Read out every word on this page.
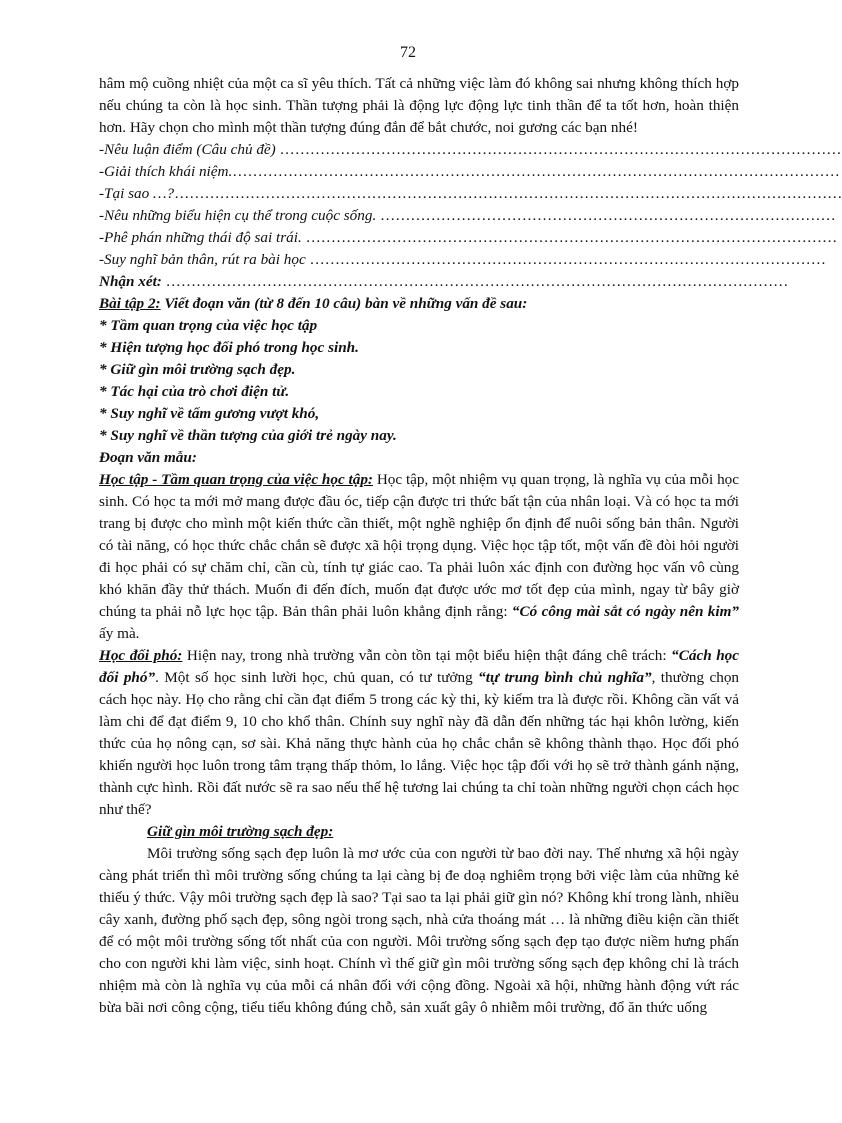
72

hâm mộ cuồng nhiệt của một ca sĩ yêu thích. Tất cả những việc làm đó không sai nhưng không thích hợp nếu chúng ta còn là học sinh. Thần tượng phải là động lực động lực tinh thần để ta tốt hơn, hoàn thiện hơn. Hãy chọn cho mình một thần tượng đúng đắn để bắt chước, noi gương các bạn nhé!

-Nêu luận điểm (Câu chủ đề) …………………………………………………………………………………………………

-Giải thích khái niệm.…………………………………………………………………………………………………………

-Tại sao …?……………………………………………………………………………………………………………………

-Nêu những biểu hiện cụ thể trong cuộc sống. ………………………………………………………………………………

-Phê phán những thái độ sai trái. ……………………………………………………………………………………………

-Suy nghĩ bản thân, rút ra bài học …………………………………………………………………………………………

Nhận xét: ……………………………………………………………………………………………………………

Bài tập 2: Viết đoạn văn (từ 8 đến 10 câu) bàn về những vấn đề sau:

* Tầm quan trọng của việc học tập

* Hiện tượng học đối phó trong học sinh.

* Giữ gìn môi trường sạch đẹp.

* Tác hại của trò chơi điện tử.

* Suy nghĩ về tấm gương vượt khó,

* Suy nghĩ về thần tượng của giới trẻ ngày nay.

Đoạn văn mẫu:

Học tập - Tầm quan trọng của việc học tập: Học tập, một nhiệm vụ quan trọng, là nghĩa vụ của mỗi học sinh. Có học ta mới mở mang được đầu óc, tiếp cận được tri thức bất tận của nhân loại. Và có học ta mới trang bị được cho mình một kiến thức cần thiết, một nghề nghiệp ổn định để nuôi sống bản thân. Người có tài năng, có học thức chắc chắn sẽ được xã hội trọng dụng. Việc học tập tốt, một vấn đề đòi hỏi người đi học phải có sự chăm chỉ, cần cù, tính tự giác cao. Ta phải luôn xác định con đường học vấn vô cùng khó khăn đầy thử thách. Muốn đi đến đích, muốn đạt được ước mơ tốt đẹp của mình, ngay từ bây giờ chúng ta phải nỗ lực học tập. Bản thân phải luôn khẳng định rằng: “Có công mài sắt có ngày nên kim” ấy mà.

Học đối phó: Hiện nay, trong nhà trường vẫn còn tồn tại một biểu hiện thật đáng chê trách: “Cách học đối phó”. Một số học sinh lười học, chủ quan, có tư tưởng “tự trung bình chủ nghĩa”, thường chọn cách học này. Họ cho rằng chỉ cần đạt điểm 5 trong các kỳ thi, kỳ kiểm tra là được rồi. Không cần vất vả làm chi để đạt điểm 9, 10 cho khổ thân. Chính suy nghĩ này đã dẫn đến những tác hại khôn lường, kiến thức của họ nông cạn, sơ sài. Khả năng thực hành của họ chắc chắn sẽ không thành thạo. Học đối phó khiến người học luôn trong tâm trạng thấp thỏm, lo lắng. Việc học tập đối với họ sẽ trở thành gánh nặng, thành cực hình. Rồi đất nước sẽ ra sao nếu thế hệ tương lai chúng ta chỉ toàn những người chọn cách học như thế?

Giữ gìn môi trường sạch đẹp:

Môi trường sống sạch đẹp luôn là mơ ước của con người từ bao đời nay. Thế nhưng xã hội ngày càng phát triển thì môi trường sống chúng ta lại càng bị đe doạ nghiêm trọng bởi việc làm của những kẻ thiếu ý thức. Vậy môi trường sạch đẹp là sao? Tại sao ta lại phải giữ gìn nó? Không khí trong lành, nhiều cây xanh, đường phố sạch đẹp, sông ngòi trong sạch, nhà cửa thoáng mát … là những điều kiện cần thiết để có một môi trường sống tốt nhất của con người. Môi trường sống sạch đẹp tạo được niềm hưng phấn cho con người khi làm việc, sinh hoạt. Chính vì thế giữ gìn môi trường sống sạch đẹp không chỉ là trách nhiệm mà còn là nghĩa vụ của mỗi cá nhân đối với cộng đồng. Ngoài xã hội, những hành động vứt rác bừa bãi nơi công cộng, tiểu tiểu không đúng chỗ, sản xuất gây ô nhiễm môi trường, đổ ăn thức uống
